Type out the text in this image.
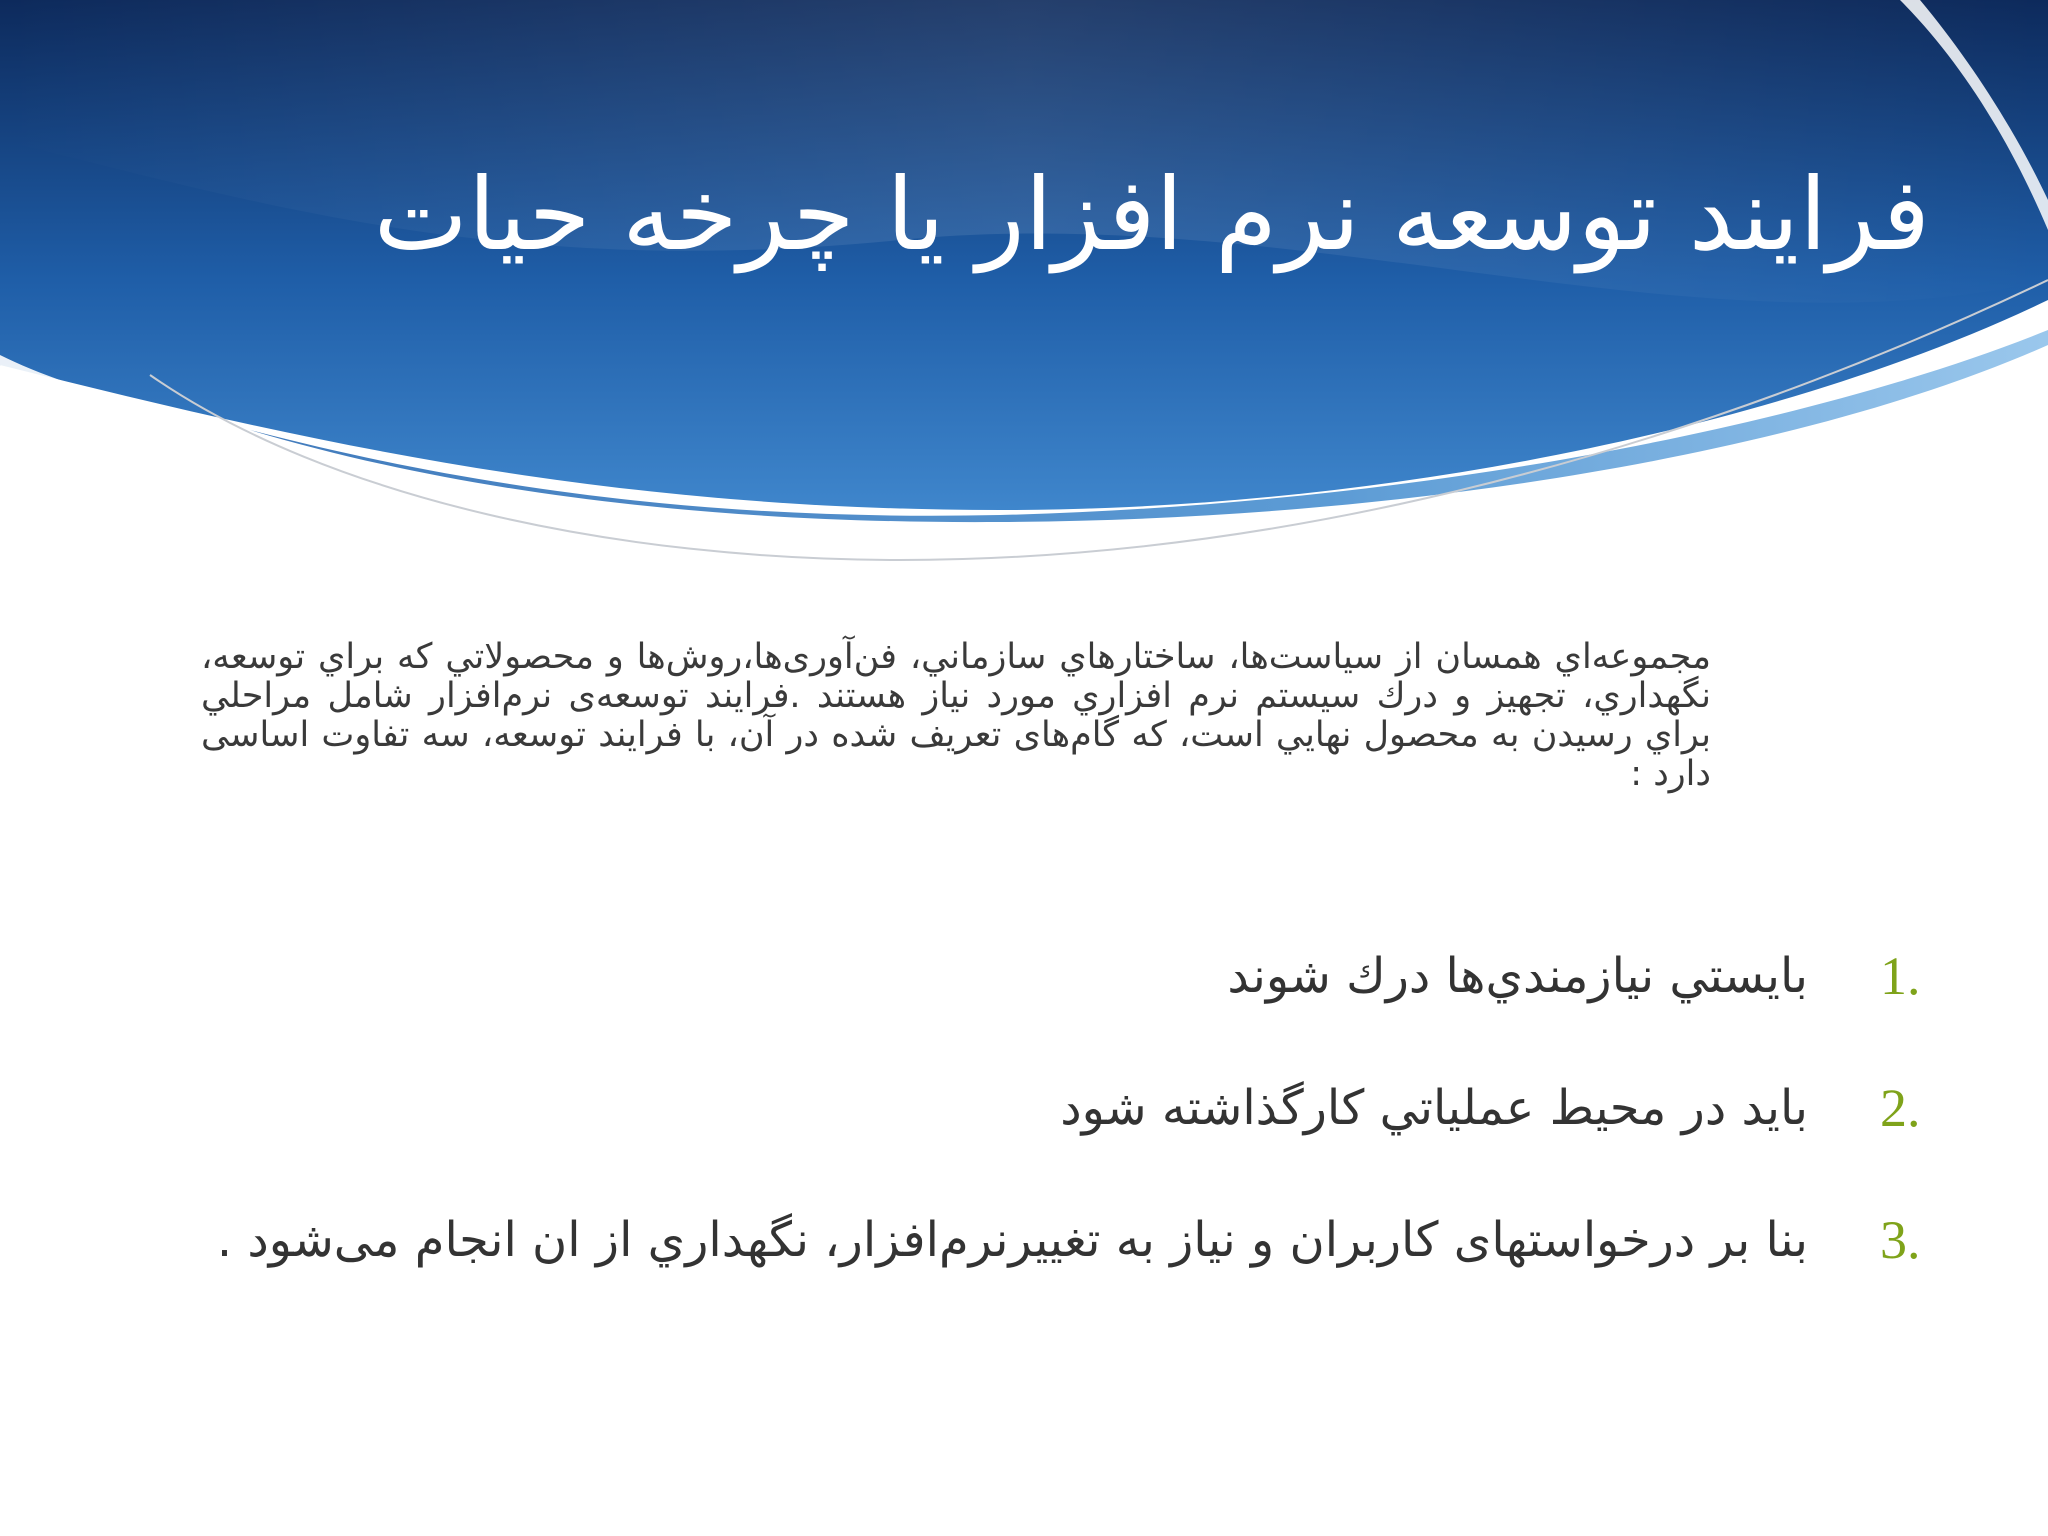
فرايند توسعه نرم افزار يا چرخه حيات

مجموعه‌اي همسان از سياست‌ها، ساختارهاي سازماني، فن‌آوری‌ها،روش‌ها و محصولاتي که براي توسعه، نگهداري، تجهيز و درك سيستم نرم افزاري مورد نياز هستند .فرايند توسعه‌ی نرم‌افزار شامل مراحلي براي رسيدن به محصول نهايي است، که گام‌های تعريف شده در آن، با فرايند توسعه، سه تفاوت اساسی دارد :

1.
بايستي نيازمندي‌ها درك شوند
2.
بايد در محيط عملياتي کارگذاشته شود
3.
بنا بر درخواستهای کاربران و نياز به تغييرنرم‌افزار، نگهداري از ان انجام می‌شود .
